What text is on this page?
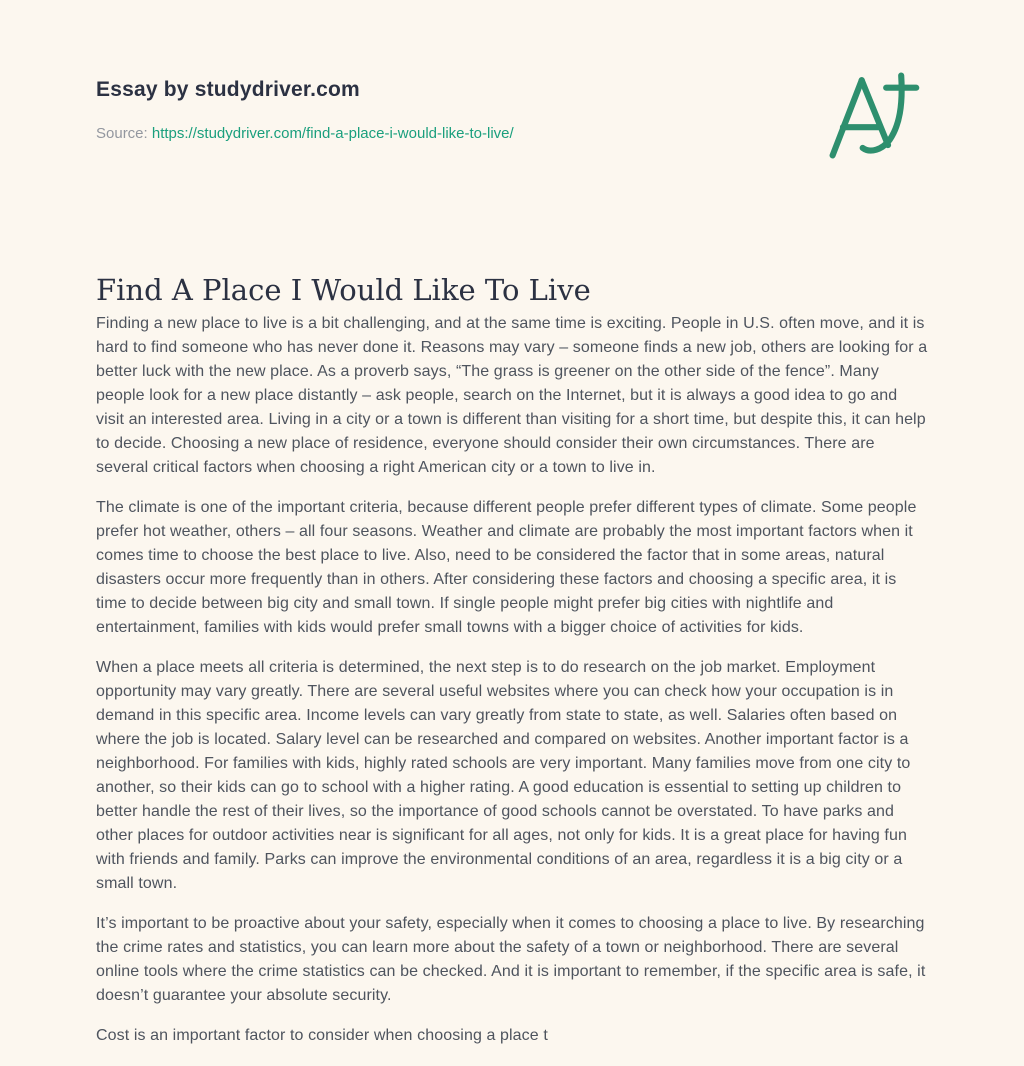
Essay by studydriver.com
Source: https://studydriver.com/find-a-place-i-would-like-to-live/
Find A Place I Would Like To Live

Finding a new place to live is a bit challenging, and at the same time is exciting. People in U.S. often move, and it is hard to find someone who has never done it. Reasons may vary – someone finds a new job, others are looking for a better luck with the new place. As a proverb says, “The grass is greener on the other side of the fence”. Many people look for a new place distantly – ask people, search on the Internet, but it is always a good idea to go and visit an interested area. Living in a city or a town is different than visiting for a short time, but despite this, it can help to decide. Choosing a new place of residence, everyone should consider their own circumstances. There are several critical factors when choosing a right American city or a town to live in.

The climate is one of the important criteria, because different people prefer different types of climate. Some people prefer hot weather, others – all four seasons. Weather and climate are probably the most important factors when it comes time to choose the best place to live. Also, need to be considered the factor that in some areas, natural disasters occur more frequently than in others. After considering these factors and choosing a specific area, it is time to decide between big city and small town. If single people might prefer big cities with nightlife and entertainment, families with kids would prefer small towns with a bigger choice of activities for kids.

When a place meets all criteria is determined, the next step is to do research on the job market. Employment opportunity may vary greatly. There are several useful websites where you can check how your occupation is in demand in this specific area. Income levels can vary greatly from state to state, as well. Salaries often based on where the job is located. Salary level can be researched and compared on websites. Another important factor is a neighborhood. For families with kids, highly rated schools are very important. Many families move from one city to another, so their kids can go to school with a higher rating. A good education is essential to setting up children to better handle the rest of their lives, so the importance of good schools cannot be overstated. To have parks and other places for outdoor activities near is significant for all ages, not only for kids. It is a great place for having fun with friends and family. Parks can improve the environmental conditions of an area, regardless it is a big city or a small town.

It’s important to be proactive about your safety, especially when it comes to choosing a place to live. By researching the crime rates and statistics, you can learn more about the safety of a town or neighborhood. There are several online tools where the crime statistics can be checked. And it is important to remember, if the specific area is safe, it doesn’t guarantee your absolute security.

Cost is an important factor to consider when choosing a place t
